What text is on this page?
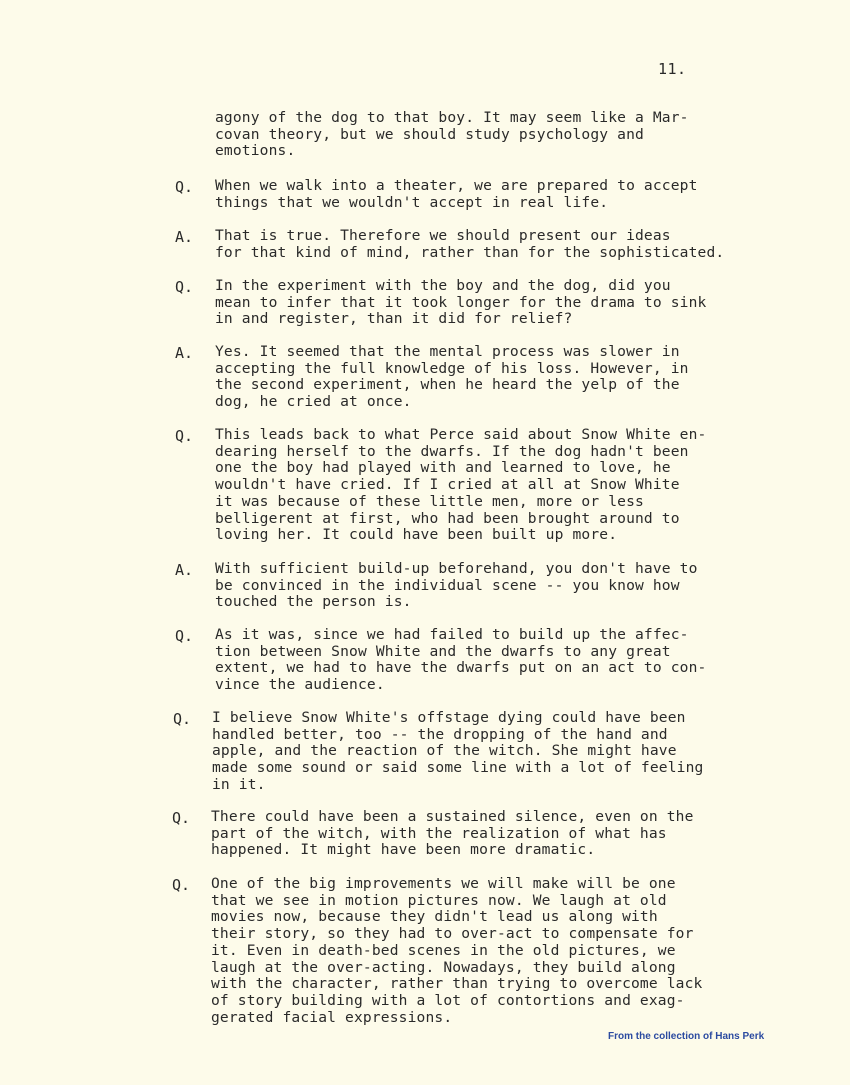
11.
agony of the dog to that boy. It may seem like a Mar-
covan theory, but we should study psychology and
emotions.
Q. When we walk into a theater, we are prepared to accept
things that we wouldn't accept in real life.
A. That is true. Therefore we should present our ideas
for that kind of mind, rather than for the sophisticated.
Q. In the experiment with the boy and the dog, did you
mean to infer that it took longer for the drama to sink
in and register, than it did for relief?
A. Yes. It seemed that the mental process was slower in
accepting the full knowledge of his loss. However, in
the second experiment, when he heard the yelp of the
dog, he cried at once.
Q. This leads back to what Perce said about Snow White en-
dearing herself to the dwarfs. If the dog hadn't been
one the boy had played with and learned to love, he
wouldn't have cried. If I cried at all at Snow White
it was because of these little men, more or less
belligerent at first, who had been brought around to
loving her. It could have been built up more.
A. With sufficient build-up beforehand, you don't have to
be convinced in the individual scene -- you know how
touched the person is.
Q. As it was, since we had failed to build up the affec-
tion between Snow White and the dwarfs to any great
extent, we had to have the dwarfs put on an act to con-
vince the audience.
Q. I believe Snow White's offstage dying could have been
handled better, too -- the dropping of the hand and
apple, and the reaction of the witch. She might have
made some sound or said some line with a lot of feeling
in it.
Q. There could have been a sustained silence, even on the
part of the witch, with the realization of what has
happened. It might have been more dramatic.
Q. One of the big improvements we will make will be one
that we see in motion pictures now. We laugh at old
movies now, because they didn't lead us along with
their story, so they had to over-act to compensate for
it. Even in death-bed scenes in the old pictures, we
laugh at the over-acting. Nowadays, they build along
with the character, rather than trying to overcome lack
of story building with a lot of contortions and exag-
gerated facial expressions.
From the collection of Hans Perk
